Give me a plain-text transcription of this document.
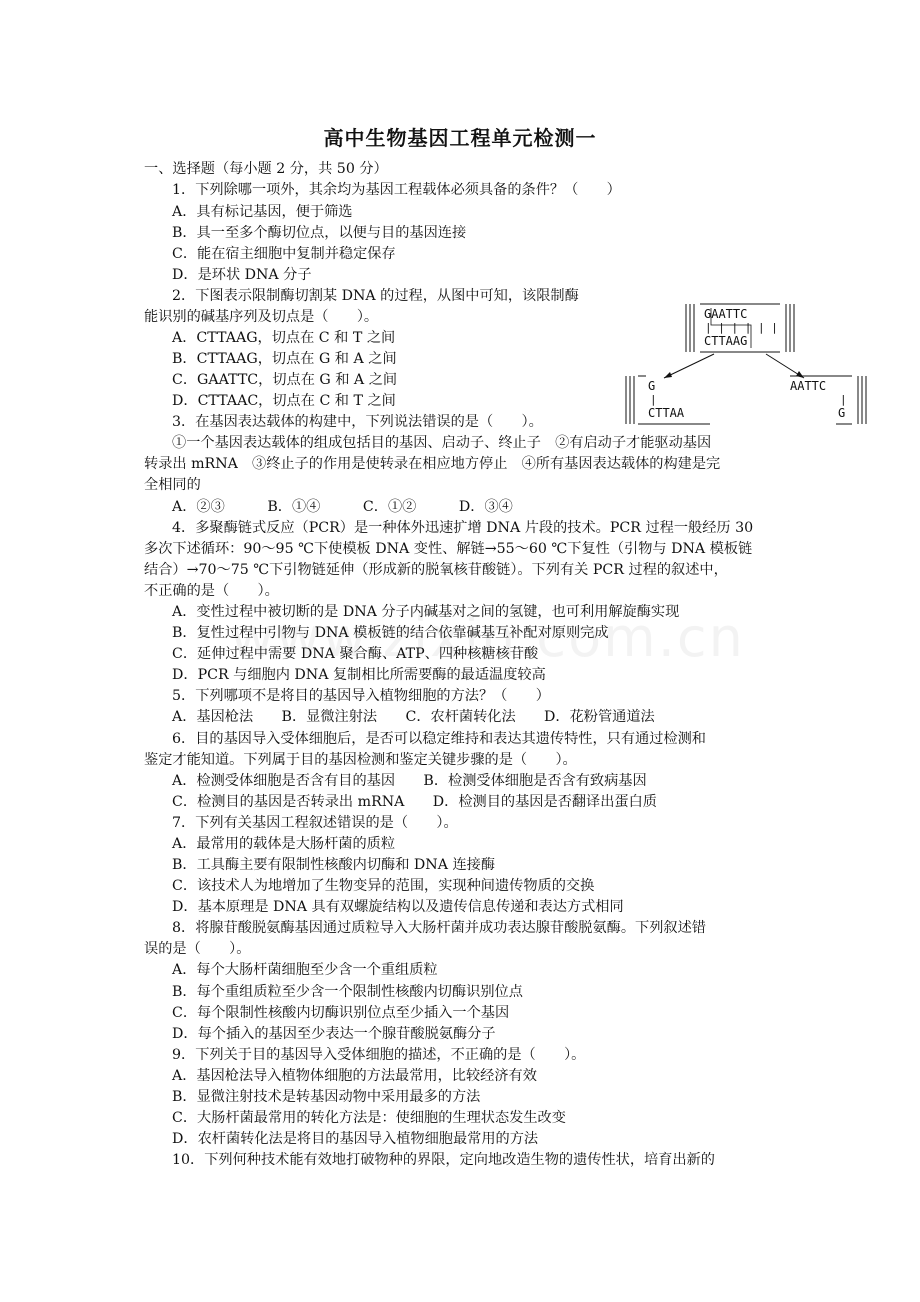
高中生物基因工程单元检测一
一、选择题（每小题 2 分，共 50 分）
1．下列除哪一项外，其余均为基因工程载体必须具备的条件？（　　）
A．具有标记基因，便于筛选
B．具一至多个酶切位点，以便与目的基因连接
C．能在宿主细胞中复制并稳定保存
D．是环状 DNA 分子
2．下图表示限制酶切割某 DNA 的过程，从图中可知，该限制酶
能识别的碱基序列及切点是（　　）。
A．CTTAAG，切点在 C 和 T 之间
B．CTTAAG，切点在 G 和 A 之间
C．GAATTC，切点在 G 和 A 之间
D．CTTAAC，切点在 C 和 T 之间
3．在基因表达载体的构建中，下列说法错误的是（　　）。
①一个基因表达载体的组成包括目的基因、启动子、终止子　②有启动子才能驱动基因
转录出 mRNA　③终止子的作用是使转录在相应地方停止　④所有基因表达载体的构建是完
全相同的
A．②③　　　B．①④　　　C．①②　　　D．③④
4．多聚酶链式反应（PCR）是一种体外迅速扩增 DNA 片段的技术。PCR 过程一般经历 30
多次下述循环：90～95 ℃下使模板 DNA 变性、解链→55～60 ℃下复性（引物与 DNA 模板链
结合）→70～75 ℃下引物链延伸（形成新的脱氧核苷酸链）。下列有关 PCR 过程的叙述中，
不正确的是（　　）。
A．变性过程中被切断的是 DNA 分子内碱基对之间的氢键，也可利用解旋酶实现
B．复性过程中引物与 DNA 模板链的结合依靠碱基互补配对原则完成
C．延伸过程中需要 DNA 聚合酶、ATP、四种核糖核苷酸
D．PCR 与细胞内 DNA 复制相比所需要酶的最适温度较高
5．下列哪项不是将目的基因导入植物细胞的方法？（　　）
A．基因枪法　　B．显微注射法　　C．农杆菌转化法　　D．花粉管通道法
6．目的基因导入受体细胞后，是否可以稳定维持和表达其遗传特性，只有通过检测和
鉴定才能知道。下列属于目的基因检测和鉴定关键步骤的是（　　）。
A．检测受体细胞是否含有目的基因　　B．检测受体细胞是否含有致病基因
C．检测目的基因是否转录出 mRNA　　D．检测目的基因是否翻译出蛋白质
7．下列有关基因工程叙述错误的是（　　）。
A．最常用的载体是大肠杆菌的质粒
B．工具酶主要有限制性核酸内切酶和 DNA 连接酶
C．该技术人为地增加了生物变异的范围，实现种间遗传物质的交换
D．基本原理是 DNA 具有双螺旋结构以及遗传信息传递和表达方式相同
8．将腺苷酸脱氨酶基因通过质粒导入大肠杆菌并成功表达腺苷酸脱氨酶。下列叙述错
误的是（　　）。
A．每个大肠杆菌细胞至少含一个重组质粒
B．每个重组质粒至少含一个限制性核酸内切酶识别位点
C．每个限制性核酸内切酶识别位点至少插入一个基因
D．每个插入的基因至少表达一个腺苷酸脱氨酶分子
9．下列关于目的基因导入受体细胞的描述，不正确的是（　　）。
A．基因枪法导入植物体细胞的方法最常用，比较经济有效
B．显微注射技术是转基因动物中采用最多的方法
C．大肠杆菌最常用的转化方法是：使细胞的生理状态发生改变
D．农杆菌转化法是将目的基因导入植物细胞最常用的方法
10．下列何种技术能有效地打破物种的界限，定向地改造生物的遗传性状，培育出新的
GAATTC
| | | | | |
CTTAAG
G
|
CTTAA
AATTC
|
G
